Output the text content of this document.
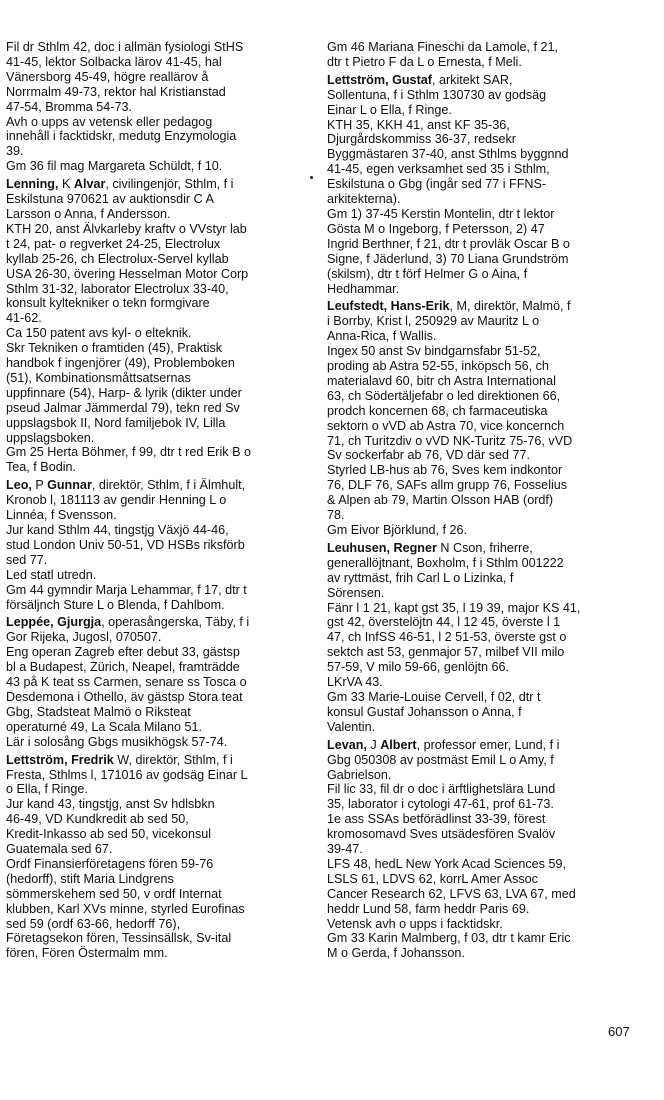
Fil dr Sthlm 42, doc i allmän fysiologi StHS
41-45, lektor Solbacka lärov 41-45, hal
Vänersborg 45-49, högre reallärov å
Norrmalm 49-73, rektor hal Kristianstad
47-54, Bromma 54-73.
Avh o upps av vetensk eller pedagog
innehåll i facktidskr, medutg Enzymologia
39.
Gm 36 fil mag Margareta Schüldt, f 10.
Lenning, K Alvar, civilingenjör, Sthlm, f i
Eskilstuna 970621 av auktionsdir C A
Larsson o Anna, f Andersson.
KTH 20, anst Älvkarleby kraftv o VVstyr lab
t 24, pat- o regverket 24-25, Electrolux
kyllab 25-26, ch Electrolux-Servel kyllab
USA 26-30, övering Hesselman Motor Corp
Sthlm 31-32, laborator Electrolux 33-40,
konsult kyltekniker o tekn formgivare
41-62.
Ca 150 patent avs kyl- o elteknik.
Skr Tekniken o framtiden (45), Praktisk
handbok f ingenjörer (49), Problemboken
(51), Kombinationsmåttsatsernas
uppfinnare (54), Harp- & lyrik (dikter under
pseud Jalmar Jämmerdal 79), tekn red Sv
uppslagsbok II, Nord familjebok IV, Lilla
uppslagsboken.
Gm 25 Herta Böhmer, f 99, dtr t red Erik B o
Tea, f Bodin.
Leo, P Gunnar, direktör, Sthlm, f i Älmhult,
Kronob l, 181113 av gendir Henning L o
Linnéa, f Svensson.
Jur kand Sthlm 44, tingstjg Växjö 44-46,
stud London Univ 50-51, VD HSBs riksförb
sed 77.
Led statl utredn.
Gm 44 gymndir Marja Lehammar, f 17, dtr t
försäljnch Sture L o Blenda, f Dahlbom.
Leppée, Gjurgja, operasångerska, Täby, f i
Gor Rijeka, Jugosl, 070507.
Eng operan Zagreb efter debut 33, gästsp
bl a Budapest, Zürich, Neapel, framträdde
43 på K teat ss Carmen, senare ss Tosca o
Desdemona i Othello, äv gästsp Stora teat
Gbg, Stadsteat Malmö o Riksteat
operaturné 49, La Scala Milano 51.
Lär i solosång Gbgs musikhögsk 57-74.
Lettström, Fredrik W, direktör, Sthlm, f i
Fresta, Sthlms l, 171016 av godsäg Einar L
o Ella, f Ringe.
Jur kand 43, tingstjg, anst Sv hdlsbkn
46-49, VD Kundkredit ab sed 50,
Kredit-Inkasso ab sed 50, vicekonsul
Guatemala sed 67.
Ordf Finansierföretagens fören 59-76
(hedorff), stift Maria Lindgrens
sömmerskehem sed 50, v ordf Internat
klubben, Karl XVs minne, styrled Eurofinas
sed 59 (ordf 63-66, hedorff 76),
Företagsekon fören, Tessinsällsk, Sv-ital
fören, Fören Östermalm mm.
Gm 46 Mariana Fineschi da Lamole, f 21,
dtr t Pietro F da L o Ernesta, f Meli.
Lettström, Gustaf, arkitekt SAR,
Sollentuna, f i Sthlm 130730 av godsäg
Einar L o Ella, f Ringe.
KTH 35, KKH 41, anst KF 35-36,
Djurgårdskommiss 36-37, redsekr
Byggmästaren 37-40, anst Sthlms byggnnd
41-45, egen verksamhet sed 35 i Sthlm,
Eskilstuna o Gbg (ingår sed 77 i FFNS-
arkitekterna).
Gm 1) 37-45 Kerstin Montelin, dtr t lektor
Gösta M o Ingeborg, f Petersson, 2) 47
Ingrid Berthner, f 21, dtr t provläk Oscar B o
Signe, f Jäderlund, 3) 70 Liana Grundström
(skilsm), dtr t förf Helmer G o Aina, f
Hedhammar.
Leufstedt, Hans-Erik, M, direktör, Malmö, f
i Borrby, Krist l, 250929 av Mauritz L o
Anna-Rica, f Wallis.
Ingex 50 anst Sv bindgarnsfabr 51-52,
proding ab Astra 52-55, inköpsch 56, ch
materialavd 60, bitr ch Astra International
63, ch Södertäljefabr o led direktionen 66,
prodch koncernen 68, ch farmaceutiska
sektorn o vVD ab Astra 70, vice koncernch
71, ch Turitzdiv o vVD NK-Turitz 75-76, vVD
Sv sockerfabr ab 76, VD där sed 77.
Styrled LB-hus ab 76, Sves kem indkontor
76, DLF 76, SAFs allm grupp 76, Fosselius
& Alpen ab 79, Martin Olsson HAB (ordf)
78.
Gm Eivor Björklund, f 26.
Leuhusen, Regner N Cson, friherre,
generallöjtnant, Boxholm, f i Sthlm 001222
av ryttmäst, frih Carl L o Lizinka, f
Sörensen.
Fänr l 1 21, kapt gst 35, l 19 39, major KS 41,
gst 42, överstelöjtn 44, l 12 45, överste l 1
47, ch InfSS 46-51, l 2 51-53, överste gst o
sektch ast 53, genmajor 57, milbef VII milo
57-59, V milo 59-66, genlöjtn 66.
LKrVA 43.
Gm 33 Marie-Louise Cervell, f 02, dtr t
konsul Gustaf Johansson o Anna, f
Valentin.
Levan, J Albert, professor emer, Lund, f i
Gbg 050308 av postmäst Emil L o Amy, f
Gabrielson.
Fil lic 33, fil dr o doc i ärftlighetslära Lund
35, laborator i cytologi 47-61, prof 61-73.
1e ass SSAs betförädlinst 33-39, förest
kromosomavd Sves utsädesfören Svalöv
39-47.
LFS 48, hedL New York Acad Sciences 59,
LSLS 61, LDVS 62, korrL Amer Assoc
Cancer Research 62, LFVS 63, LVA 67, med
heddr Lund 58, farm heddr Paris 69.
Vetensk avh o upps i facktidskr.
Gm 33 Karin Malmberg, f 03, dtr t kamr Eric
M o Gerda, f Johansson.
607
